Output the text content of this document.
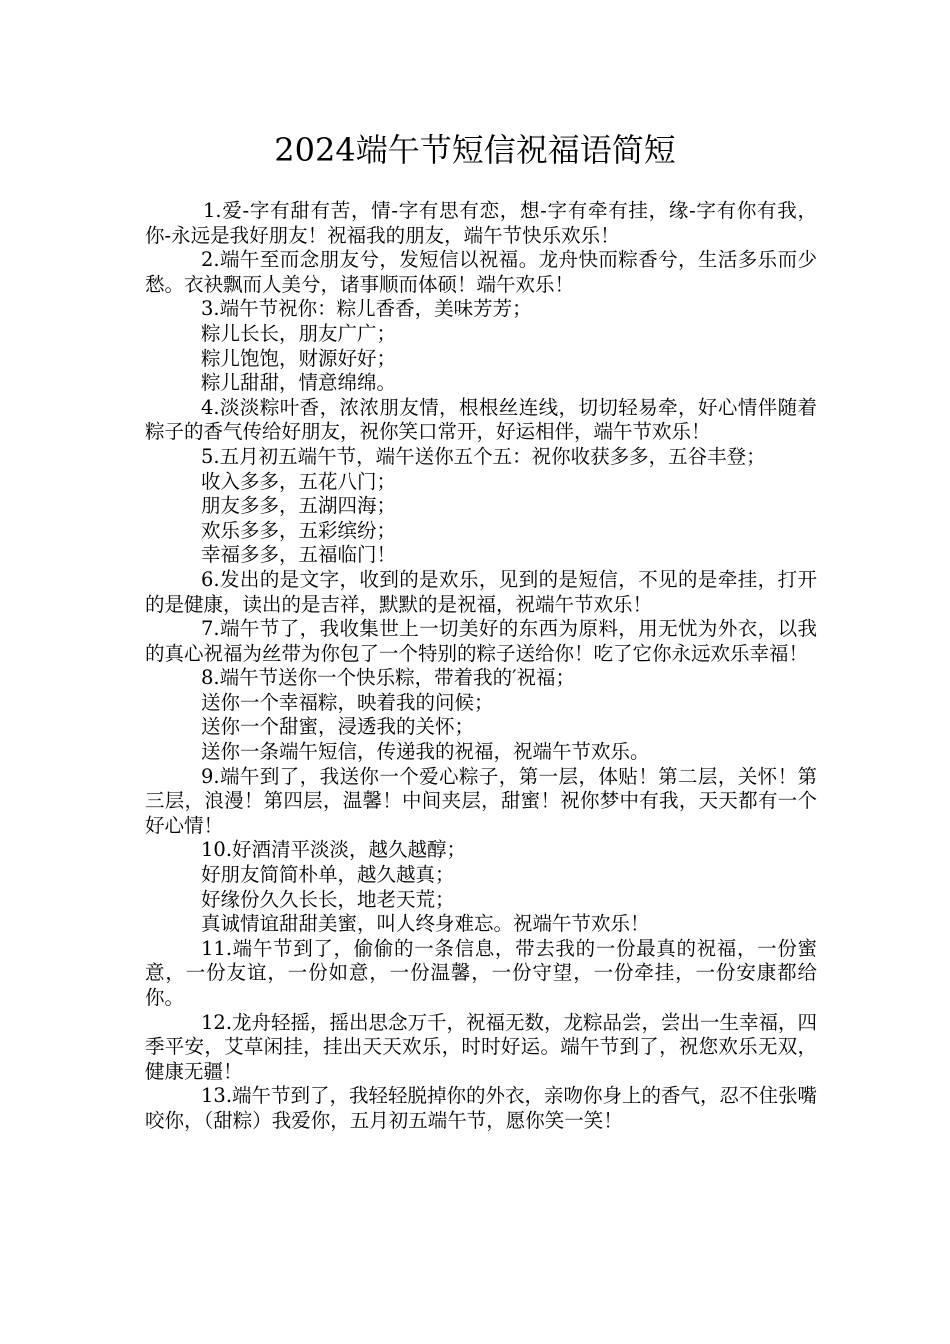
2024端午节短信祝福语简短

1.爱-字有甜有苦，情-字有思有恋，想-字有牵有挂，缘-字有你有我，你-永远是我好朋友！祝福我的朋友，端午节快乐欢乐！

2.端午至而念朋友兮，发短信以祝福。龙舟快而粽香兮，生活多乐而少愁。衣袂飘而人美兮，诸事顺而体硕！端午欢乐！

3.端午节祝你：粽儿香香，美味芳芳；

粽儿长长，朋友广广；

粽儿饱饱，财源好好；

粽儿甜甜，情意绵绵。

4.淡淡粽叶香，浓浓朋友情，根根丝连线，切切轻易牵，好心情伴随着粽子的香气传给好朋友，祝你笑口常开，好运相伴，端午节欢乐！

5.五月初五端午节，端午送你五个五：祝你收获多多，五谷丰登；

收入多多，五花八门；

朋友多多，五湖四海；

欢乐多多，五彩缤纷；

幸福多多，五福临门！

6.发出的是文字，收到的是欢乐，见到的是短信，不见的是牵挂，打开的是健康，读出的是吉祥，默默的是祝福，祝端午节欢乐！

7.端午节了，我收集世上一切美好的东西为原料，用无忧为外衣，以我的真心祝福为丝带为你包了一个特别的粽子送给你！吃了它你永远欢乐幸福！

8.端午节送你一个快乐粽，带着我的′祝福；

送你一个幸福粽，映着我的问候；

送你一个甜蜜，浸透我的关怀；

送你一条端午短信，传递我的祝福，祝端午节欢乐。

9.端午到了，我送你一个爱心粽子，第一层，体贴！第二层，关怀！第三层，浪漫！第四层，温馨！中间夹层，甜蜜！祝你梦中有我，天天都有一个好心情！

10.好酒清平淡淡，越久越醇；

好朋友简简朴单，越久越真；

好缘份久久长长，地老天荒；

真诚情谊甜甜美蜜，叫人终身难忘。祝端午节欢乐！

11.端午节到了，偷偷的一条信息，带去我的一份最真的祝福，一份蜜意，一份友谊，一份如意，一份温馨，一份守望，一份牵挂，一份安康都给你。

12.龙舟轻摇，摇出思念万千，祝福无数，龙粽品尝，尝出一生幸福，四季平安，艾草闲挂，挂出天天欢乐，时时好运。端午节到了，祝您欢乐无双，健康无疆！

13.端午节到了，我轻轻脱掉你的外衣，亲吻你身上的香气，忍不住张嘴咬你，（甜粽）我爱你，五月初五端午节，愿你笑一笑！
